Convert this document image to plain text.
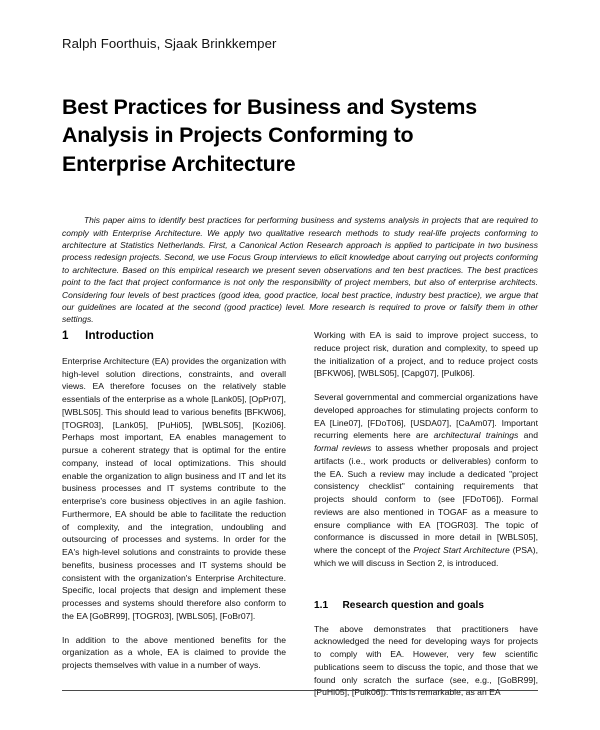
Ralph Foorthuis, Sjaak Brinkkemper
Best Practices for Business and Systems
Analysis in Projects Conforming to
Enterprise Architecture

This paper aims to identify best practices for performing business and systems analysis in projects that are required to comply with Enterprise Architecture. We apply two qualitative research methods to study real-life projects conforming to architecture at Statistics Netherlands. First, a Canonical Action Research approach is applied to participate in two business process redesign projects. Second, we use Focus Group interviews to elicit knowledge about carrying out projects conforming to architecture. Based on this empirical research we present seven observations and ten best practices. The best practices point to the fact that project conformance is not only the responsibility of project members, but also of enterprise architects. Considering four levels of best practices (good idea, good practice, local best practice, industry best practice), we argue that our guidelines are located at the second (good practice) level. More research is required to prove or falsify them in other settings.

1     Introduction

Enterprise Architecture (EA) provides the organization with high-level solution directions, constraints, and overall views. EA therefore focuses on the relatively stable essentials of the enterprise as a whole [Lank05], [OpPr07], [WBLS05]. This should lead to various benefits [BFKW06], [TOGR03], [Lank05], [PuHi05], [WBLS05], [Kozi06]. Perhaps most important, EA enables management to pursue a coherent strategy that is optimal for the entire company, instead of local optimizations. This should enable the organization to align business and IT and let its business processes and IT systems contribute to the enterprise's core business objectives in an agile fashion. Furthermore, EA should be able to facilitate the reduction of complexity, and the integration, undoubling and outsourcing of processes and systems. In order for the EA's high-level solutions and constraints to provide these benefits, business processes and IT systems should be consistent with the organization's Enterprise Architecture. Specific, local projects that design and implement these processes and systems should therefore also conform to the EA [GoBR99], [TOGR03], [WBLS05], [FoBr07].

In addition to the above mentioned benefits for the organization as a whole, EA is claimed to provide the projects themselves with value in a number of ways.

Working with EA is said to improve project success, to reduce project risk, duration and complexity, to speed up the initialization of a project, and to reduce project costs [BFKW06], [WBLS05], [Capg07], [Pulk06].

Several governmental and commercial organizations have developed approaches for stimulating projects conform to EA [Line07], [FDoT06], [USDA07], [CaAm07]. Important recurring elements here are architectural trainings and formal reviews to assess whether proposals and project artifacts (i.e., work products or deliverables) conform to the EA. Such a review may include a dedicated "project consistency checklist" containing requirements that projects should conform to (see [FDoT06]). Formal reviews are also mentioned in TOGAF as a measure to ensure compliance with EA [TOGR03]. The topic of conformance is discussed in more detail in [WBLS05], where the concept of the Project Start Architecture (PSA), which we will discuss in Section 2, is introduced.

1.1     Research question and goals

The above demonstrates that practitioners have acknowledged the need for developing ways for projects to comply with EA. However, very few scientific publications seem to discuss the topic, and those that we found only scratch the surface (see, e.g., [GoBR99], [PuHi05], [Pulk06]). This is remarkable, as an EA
